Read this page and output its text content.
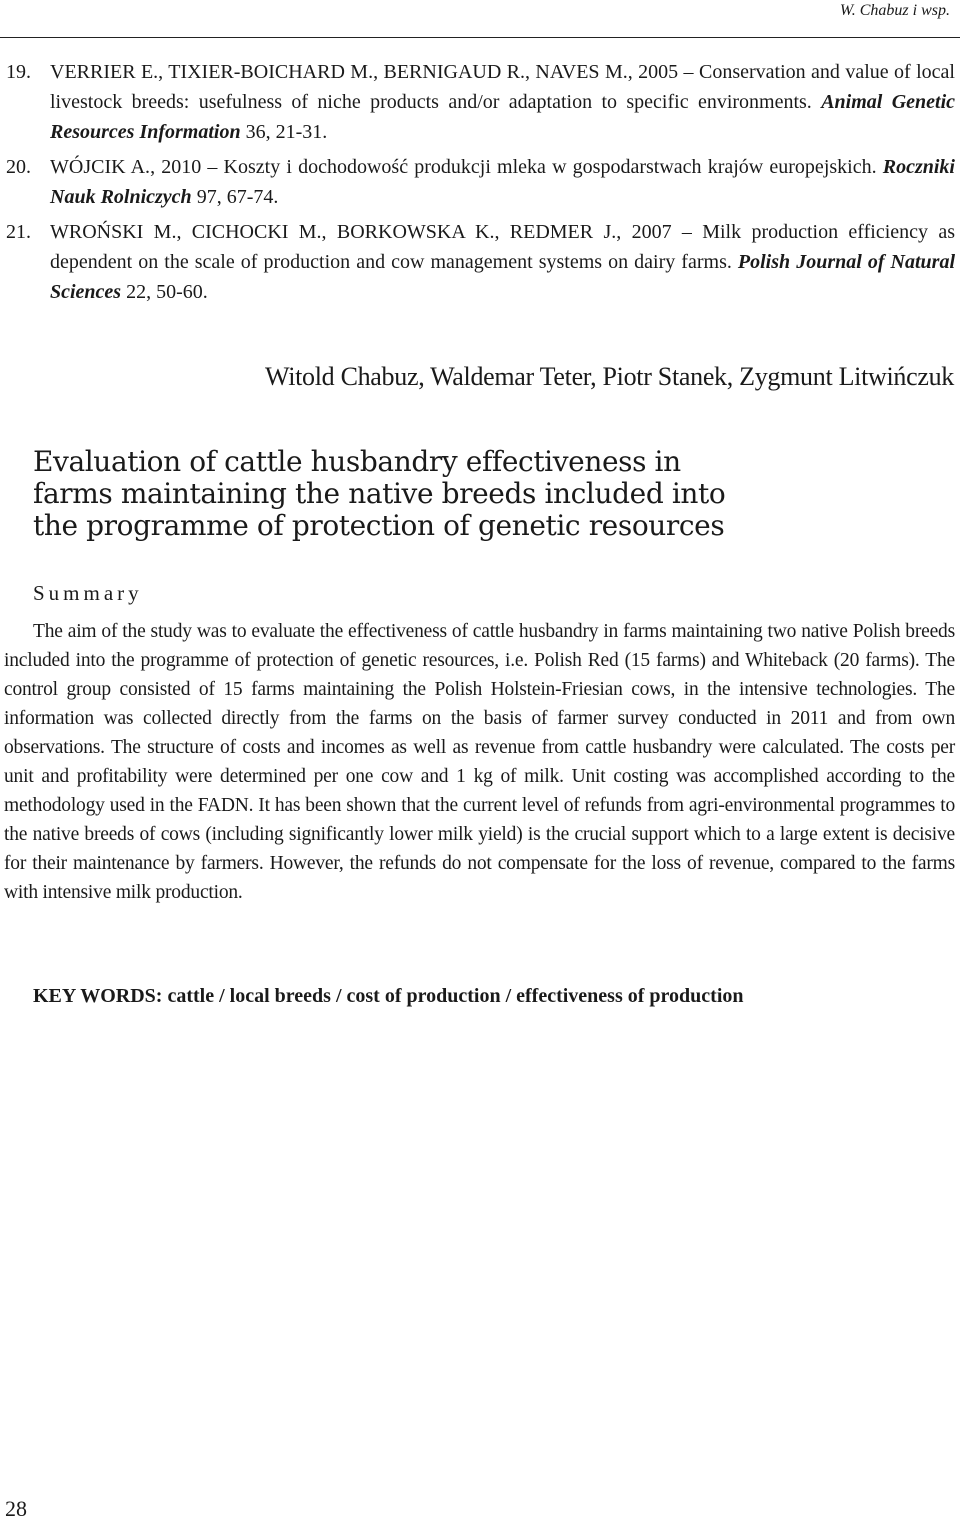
W. Chabuz i wsp.
19. VERRIER E., TIXIER-BOICHARD M., BERNIGAUD R., NAVES M., 2005 – Conservation and value of local livestock breeds: usefulness of niche products and/or adaptation to specific environments. Animal Genetic Resources Information 36, 21-31.
20. WÓJCIK A., 2010 – Koszty i dochodowość produkcji mleka w gospodarstwach krajów europejskich. Roczniki Nauk Rolniczych 97, 67-74.
21. WROŃSKI M., CICHOCKI M., BORKOWSKA K., REDMER J., 2007 – Milk production efficiency as dependent on the scale of production and cow management systems on dairy farms. Polish Journal of Natural Sciences 22, 50-60.
Witold Chabuz, Waldemar Teter, Piotr Stanek, Zygmunt Litwińczuk
Evaluation of cattle husbandry effectiveness in farms maintaining the native breeds included into the programme of protection of genetic resources
Summary

The aim of the study was to evaluate the effectiveness of cattle husbandry in farms maintaining two native Polish breeds included into the programme of protection of genetic resources, i.e. Polish Red (15 farms) and Whiteback (20 farms). The control group consisted of 15 farms maintaining the Polish Holstein-Friesian cows, in the intensive technologies. The information was collected directly from the farms on the basis of farmer survey conducted in 2011 and from own observations. The structure of costs and incomes as well as revenue from cattle husbandry were calculated. The costs per unit and profitability were determined per one cow and 1 kg of milk. Unit costing was accomplished according to the methodology used in the FADN. It has been shown that the current level of refunds from agri-environmental programmes to the native breeds of cows (including significantly lower milk yield) is the crucial support which to a large extent is decisive for their maintenance by farmers. However, the refunds do not compensate for the loss of revenue, compared to the farms with intensive milk production.

KEY WORDS: cattle / local breeds / cost of production / effectiveness of production
28
